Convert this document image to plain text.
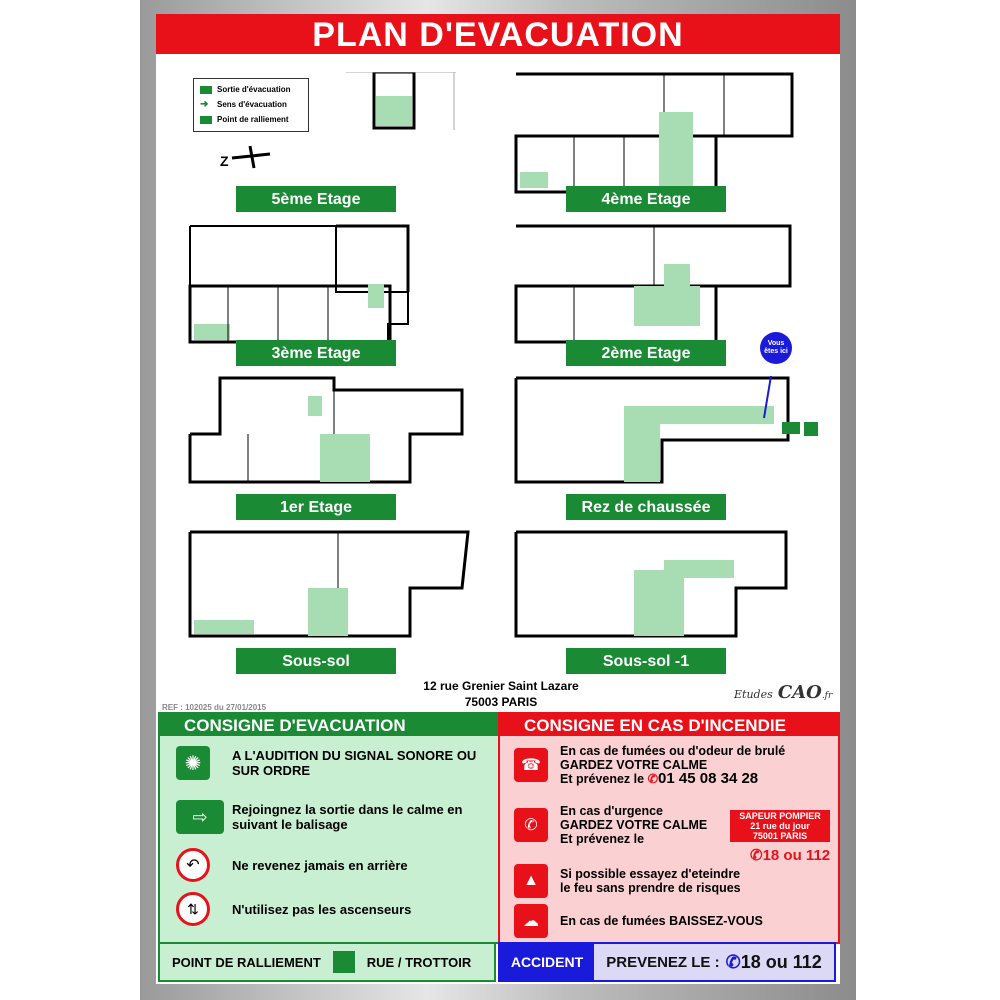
PLAN D'EVACUATION
Sortie d'évacuation
➜	Sens d'évacuation
Point de ralliement
Z
Vous êtes ici
5ème Etage	4ème Etage
3ème Etage	2ème Etage
1er Etage	Rez de chaussée
Sous-sol	Sous-sol -1
12 rue Grenier Saint Lazare
75003 PARIS
REF : 102025 du 27/01/2015
Etudes CAO.fr
CONSIGNE D'EVACUATION
✺	A L'AUDITION DU SIGNAL SONORE OU SUR ORDRE
⇨	Rejoingnez la sortie dans le calme en suivant le balisage
↶	Ne revenez jamais en arrière
⇅	N'utilisez pas les ascenseurs
CONSIGNE EN CAS D'INCENDIE
☎
En cas de fumées ou d'odeur de brulé
GARDEZ VOTRE CALME
Et prévenez le ✆01 45 08 34 28
✆
En cas d'urgence
GARDEZ VOTRE CALME
Et prévenez le
SAPEUR POMPIER
21 rue du jour
75001 PARIS
✆18 ou 112
▲	Si possible essayez d'eteindre
le feu sans prendre de risques
☁	En cas de fumées BAISSEZ-VOUS
POINT DE RALLIEMENT	RUE / TROTTOIR	ACCIDENT	PREVENEZ LE : ✆18 ou 112
